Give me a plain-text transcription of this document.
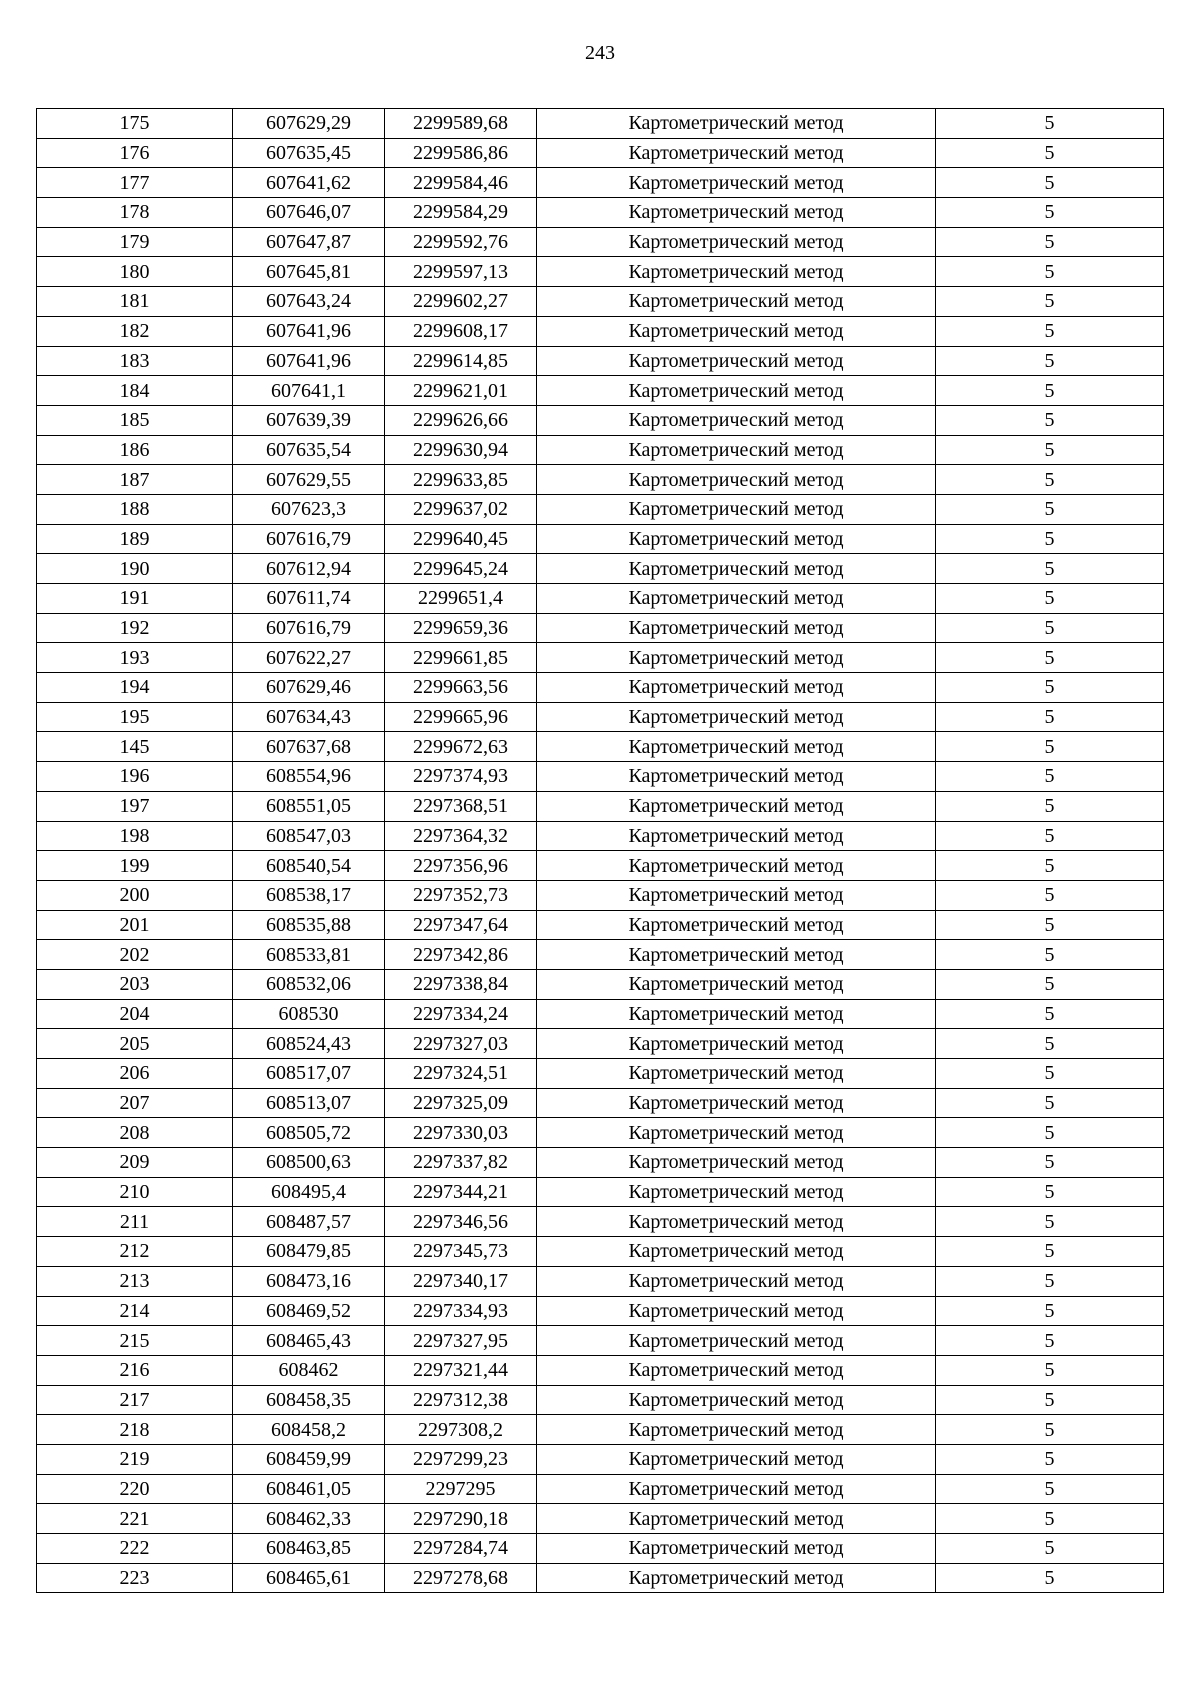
243
175	607629,29	2299589,68	Картометрический метод	5
176	607635,45	2299586,86	Картометрический метод	5
177	607641,62	2299584,46	Картометрический метод	5
178	607646,07	2299584,29	Картометрический метод	5
179	607647,87	2299592,76	Картометрический метод	5
180	607645,81	2299597,13	Картометрический метод	5
181	607643,24	2299602,27	Картометрический метод	5
182	607641,96	2299608,17	Картометрический метод	5
183	607641,96	2299614,85	Картометрический метод	5
184	607641,1	2299621,01	Картометрический метод	5
185	607639,39	2299626,66	Картометрический метод	5
186	607635,54	2299630,94	Картометрический метод	5
187	607629,55	2299633,85	Картометрический метод	5
188	607623,3	2299637,02	Картометрический метод	5
189	607616,79	2299640,45	Картометрический метод	5
190	607612,94	2299645,24	Картометрический метод	5
191	607611,74	2299651,4	Картометрический метод	5
192	607616,79	2299659,36	Картометрический метод	5
193	607622,27	2299661,85	Картометрический метод	5
194	607629,46	2299663,56	Картометрический метод	5
195	607634,43	2299665,96	Картометрический метод	5
145	607637,68	2299672,63	Картометрический метод	5
196	608554,96	2297374,93	Картометрический метод	5
197	608551,05	2297368,51	Картометрический метод	5
198	608547,03	2297364,32	Картометрический метод	5
199	608540,54	2297356,96	Картометрический метод	5
200	608538,17	2297352,73	Картометрический метод	5
201	608535,88	2297347,64	Картометрический метод	5
202	608533,81	2297342,86	Картометрический метод	5
203	608532,06	2297338,84	Картометрический метод	5
204	608530	2297334,24	Картометрический метод	5
205	608524,43	2297327,03	Картометрический метод	5
206	608517,07	2297324,51	Картометрический метод	5
207	608513,07	2297325,09	Картометрический метод	5
208	608505,72	2297330,03	Картометрический метод	5
209	608500,63	2297337,82	Картометрический метод	5
210	608495,4	2297344,21	Картометрический метод	5
211	608487,57	2297346,56	Картометрический метод	5
212	608479,85	2297345,73	Картометрический метод	5
213	608473,16	2297340,17	Картометрический метод	5
214	608469,52	2297334,93	Картометрический метод	5
215	608465,43	2297327,95	Картометрический метод	5
216	608462	2297321,44	Картометрический метод	5
217	608458,35	2297312,38	Картометрический метод	5
218	608458,2	2297308,2	Картометрический метод	5
219	608459,99	2297299,23	Картометрический метод	5
220	608461,05	2297295	Картометрический метод	5
221	608462,33	2297290,18	Картометрический метод	5
222	608463,85	2297284,74	Картометрический метод	5
223	608465,61	2297278,68	Картометрический метод	5
